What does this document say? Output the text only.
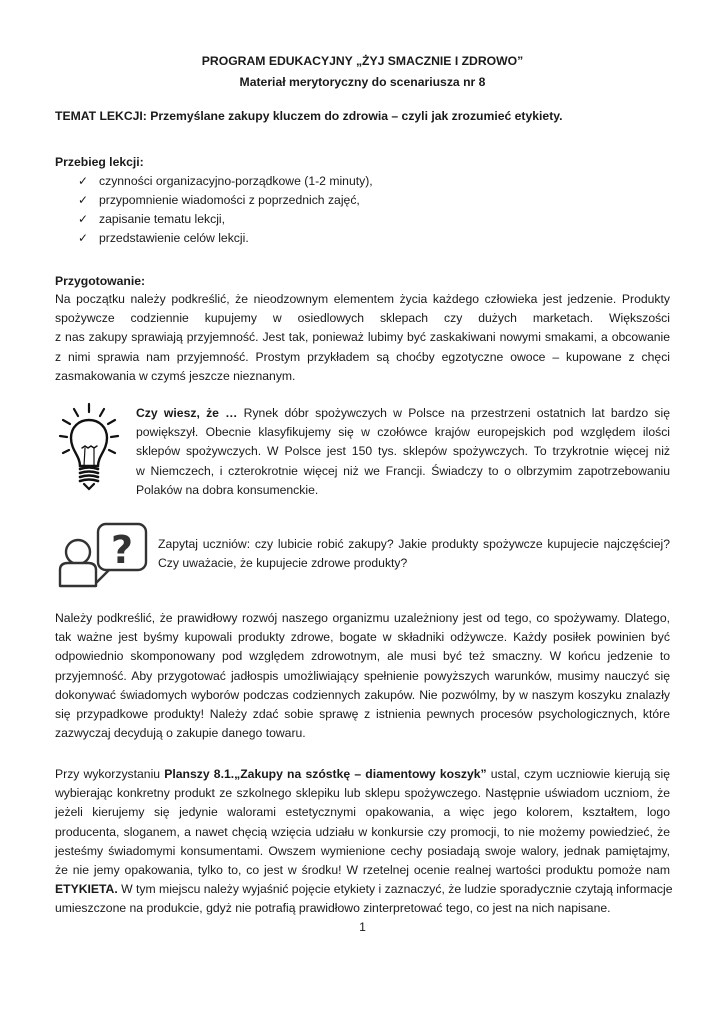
PROGRAM EDUKACYJNY „ŻYJ SMACZNIE I ZDROWO”
Materiał merytoryczny do scenariusza nr 8
TEMAT LEKCJI: Przemyślane zakupy kluczem do zdrowia – czyli jak zrozumieć etykiety.
Przebieg lekcji:
✓ czynności organizacyjno-porządkowe (1-2 minuty),
✓ przypomnienie wiadomości z poprzednich zajęć,
✓ zapisanie tematu lekcji,
✓ przedstawienie celów lekcji.
Przygotowanie:
Na początku należy podkreślić, że nieodzownym elementem życia każdego człowieka jest jedzenie. Produkty
spożywcze codziennie kupujemy w osiedlowych sklepach czy dużych marketach. Większości
z nas zakupy sprawiają przyjemność. Jest tak, ponieważ lubimy być zaskakiwani nowymi smakami, a obcowanie
z nimi sprawia nam przyjemność. Prostym przykładem są choćby egzotyczne owoce – kupowane z chęci
zasmakowania w czymś jeszcze nieznanym.
Czy wiesz, że … Rynek dóbr spożywczych w Polsce na przestrzeni ostatnich lat bardzo się
powiększył. Obecnie klasyfikujemy się w czołówce krajów europejskich pod względem ilości
sklepów spożywczych. W Polsce jest 150 tys. sklepów spożywczych. To trzykrotnie więcej niż
w Niemczech, i czterokrotnie więcej niż we Francji. Świadczy to o olbrzymim zapotrzebowaniu
Polaków na dobra konsumenckie.
? Zapytaj uczniów: czy lubicie robić zakupy? Jakie produkty spożywcze kupujecie najczęściej?
Czy uważacie, że kupujecie zdrowe produkty?
Należy podkreślić, że prawidłowy rozwój naszego organizmu uzależniony jest od tego, co spożywamy. Dlatego,
tak ważne jest byśmy kupowali produkty zdrowe, bogate w składniki odżywcze. Każdy posiłek powinien być
odpowiednio skomponowany pod względem zdrowotnym, ale musi być też smaczny. W końcu jedzenie to
przyjemność. Aby przygotować jadłospis umożliwiający spełnienie powyższych warunków, musimy nauczyć się
dokonywać świadomych wyborów podczas codziennych zakupów. Nie pozwólmy, by w naszym koszyku znalazły
się przypadkowe produkty! Należy zdać sobie sprawę z istnienia pewnych procesów psychologicznych, które
zazwyczaj decydują o zakupie danego towaru.
Przy wykorzystaniu Planszy 8.1.„Zakupy na szóstkę – diamentowy koszyk” ustal, czym uczniowie kierują się
wybierając konkretny produkt ze szkolnego sklepiku lub sklepu spożywczego. Następnie uświadom uczniom, że
jeżeli kierujemy się jedynie walorami estetycznymi opakowania, a więc jego kolorem, kształtem, logo
producenta, sloganem, a nawet chęcią wzięcia udziału w konkursie czy promocji, to nie możemy powiedzieć, że
jesteśmy świadomymi konsumentami. Owszem wymienione cechy posiadają swoje walory, jednak pamiętajmy,
że nie jemy opakowania, tylko to, co jest w środku! W rzetelnej ocenie realnej wartości produktu pomoże nam
ETYKIETA. W tym miejscu należy wyjaśnić pojęcie etykiety i zaznaczyć, że ludzie sporadycznie czytają informacje
umieszczone na produkcie, gdyż nie potrafią prawidłowo zinterpretować tego, co jest na nich napisane.
1
